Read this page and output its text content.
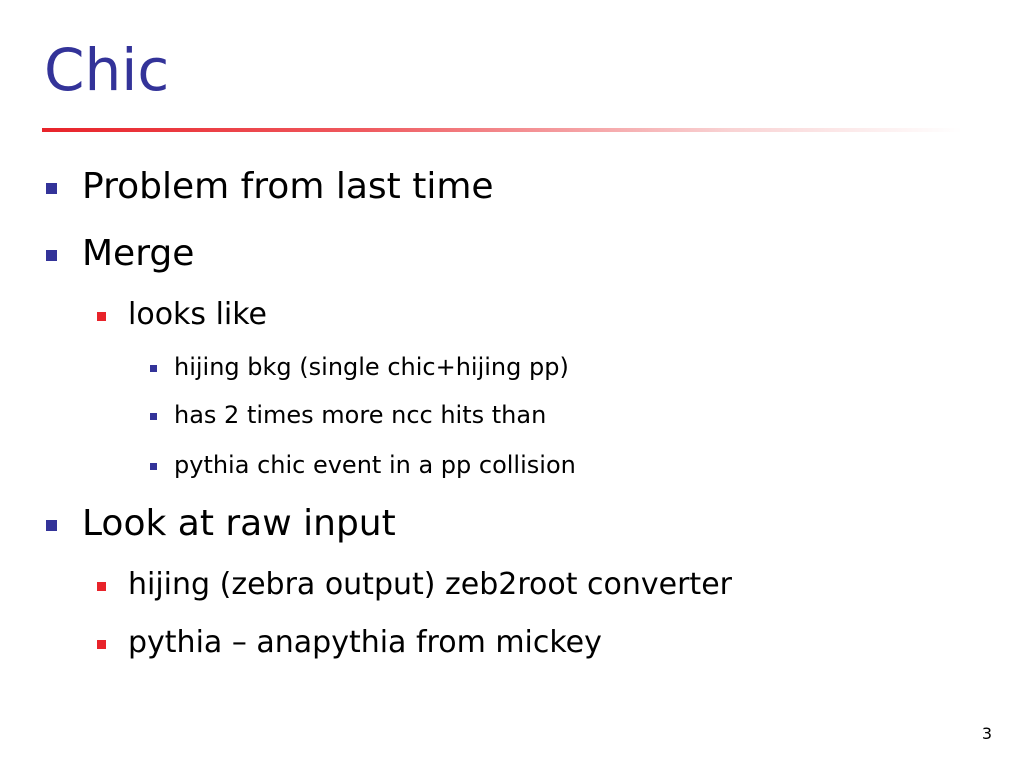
Chic
Problem from last time
Merge
looks like
hijing bkg (single chic+hijing pp)
has 2 times more ncc hits than
pythia chic event in a pp collision
Look at raw input
hijing (zebra output) zeb2root converter
pythia – anapythia from mickey
3
